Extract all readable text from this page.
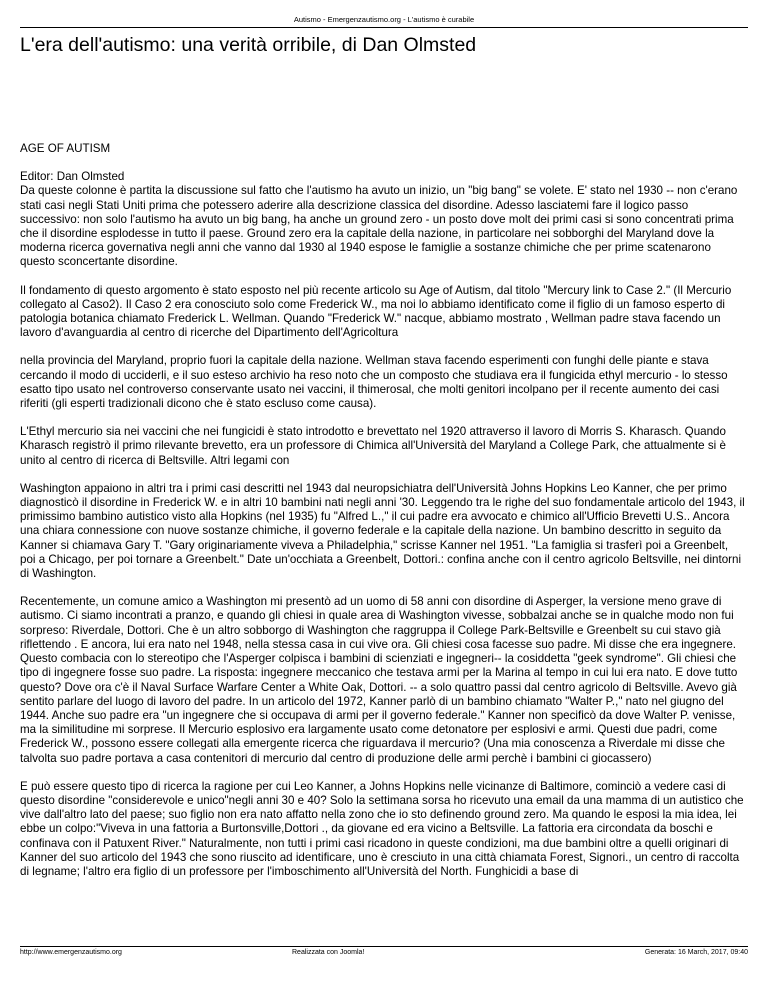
Autismo - Emergenzautismo.org - L'autismo è curabile
L'era dell'autismo: una verità orribile, di Dan Olmsted

AGE OF AUTISM

Editor: Dan Olmsted
Da queste colonne è partita la discussione sul fatto che l'autismo ha avuto un inizio, un "big bang" se volete. E' stato nel 1930 -- non c'erano stati casi negli Stati Uniti prima che potessero aderire alla descrizione classica del disordine. Adesso lasciatemi fare il logico passo successivo: non solo l'autismo ha avuto un big bang, ha anche un ground zero - un posto dove molt dei primi casi si sono concentrati prima che il disordine esplodesse in tutto il paese. Ground zero era la capitale della nazione, in particolare nei sobborghi del Maryland dove la moderna ricerca governativa negli anni che vanno dal 1930 al 1940 espose le famiglie a sostanze chimiche che per prime scatenarono questo sconcertante disordine.

Il fondamento di questo argomento è stato esposto nel più recente articolo su Age of Autism, dal titolo "Mercury link to Case 2." (Il Mercurio collegato al Caso2). Il Caso 2 era conosciuto solo come Frederick W., ma noi lo abbiamo identificato come il figlio di un famoso esperto di patologia botanica chiamato Frederick L. Wellman. Quando "Frederick W." nacque, abbiamo mostrato , Wellman padre stava facendo un lavoro d'avanguardia al centro di ricerche del Dipartimento dell'Agricoltura

nella provincia del Maryland, proprio fuori la capitale della nazione. Wellman stava facendo esperimenti con funghi delle piante e stava cercando il modo di ucciderli, e il suo esteso archivio ha reso noto che un composto che studiava era il fungicida ethyl mercurio - lo stesso esatto tipo usato nel controverso conservante usato nei vaccini, il thimerosal, che molti genitori incolpano per il recente aumento dei casi riferiti (gli esperti tradizionali dicono che è stato escluso come causa).

L'Ethyl mercurio sia nei vaccini che nei fungicidi è stato introdotto e brevettato nel 1920 attraverso il lavoro di Morris S. Kharasch. Quando Kharasch registrò il primo rilevante brevetto, era un professore di Chimica all'Università del Maryland a College Park, che attualmente si è unito al centro di ricerca di Beltsville. Altri legami con

Washington appaiono in altri tra i primi casi descritti nel 1943 dal neuropsichiatra dell'Università Johns Hopkins Leo Kanner, che per primo diagnosticò il disordine in Frederick W. e in altri 10 bambini nati negli anni '30. Leggendo tra le righe del suo fondamentale articolo del 1943, il primissimo bambino autistico visto alla Hopkins (nel 1935) fu "Alfred L.," il cui padre era avvocato e chimico all'Ufficio Brevetti U.S.. Ancora una chiara connessione con nuove sostanze chimiche, il governo federale e la capitale della nazione. Un bambino descritto in seguito da Kanner si chiamava Gary T. "Gary originariamente viveva a Philadelphia," scrisse Kanner nel 1951. "La famiglia si trasferì poi a Greenbelt, poi a Chicago, per poi tornare a Greenbelt." Date un'occhiata a Greenbelt, Dottori.: confina anche con il centro agricolo Beltsville, nei dintorni di Washington.

Recentemente, un comune amico a Washington mi presentò ad un uomo di 58 anni con disordine di Asperger, la versione meno grave di autismo. Ci siamo incontrati a pranzo, e quando gli chiesi in quale area di Washington vivesse, sobbalzai anche se in qualche modo non fui sorpreso: Riverdale, Dottori. Che è un altro sobborgo di Washington che raggruppa il College Park-Beltsville e Greenbelt su cui stavo già riflettendo . E ancora, lui era nato nel 1948, nella stessa casa in cui vive ora. Gli chiesi cosa facesse suo padre. Mi disse che era ingegnere. Questo combacia con lo stereotipo che l'Asperger colpisca i bambini di scienziati e ingegneri-- la cosiddetta "geek syndrome". Gli chiesi che tipo di ingegnere fosse suo padre. La risposta: ingegnere meccanico che testava armi per la Marina al tempo in cui lui era nato. E dove tutto questo? Dove ora c'è il Naval Surface Warfare Center a White Oak, Dottori. -- a solo quattro passi dal centro agricolo di Beltsville. Avevo già sentito parlare del luogo di lavoro del padre. In un articolo del 1972, Kanner parlò di un bambino chiamato "Walter P.," nato nel giugno del 1944. Anche suo padre era "un ingegnere che si occupava di armi per il governo federale." Kanner non specificò da dove Walter P. venisse, ma la similitudine mi sorprese. Il Mercurio esplosivo era largamente usato come detonatore per esplosivi e armi. Questi due padri, come Frederick W., possono essere collegati alla emergente ricerca che riguardava il mercurio? (Una mia conoscenza a Riverdale mi disse che talvolta suo padre portava a casa contenitori di mercurio dal centro di produzione delle armi perchè i bambini ci giocassero)

E può essere questo tipo di ricerca la ragione per cui Leo Kanner, a Johns Hopkins nelle vicinanze di Baltimore, cominciò a vedere casi di questo disordine "considerevole e unico"negli anni 30 e 40? Solo la settimana sorsa ho ricevuto una email da una mamma di un autistico che vive dall'altro lato del paese; suo figlio non era nato affatto nella zono che io sto definendo ground zero. Ma quando le esposi la mia idea, lei ebbe un colpo:"Viveva in una fattoria a Burtonsville,Dottori ., da giovane ed era vicino a Beltsville. La fattoria era circondata da boschi e confinava con il Patuxent River." Naturalmente, non tutti i primi casi ricadono in queste condizioni, ma due bambini oltre a quelli originari di Kanner del suo articolo del 1943 che sono riuscito ad identificare, uno è cresciuto in una città chiamata Forest, Signori., un centro di raccolta di legname; l'altro era figlio di un professore per l'imboschimento all'Università del North. Funghicidi a base di

http://www.emergenzautismo.org	Realizzata con Joomla!	Generata: 16 March, 2017, 09:40
